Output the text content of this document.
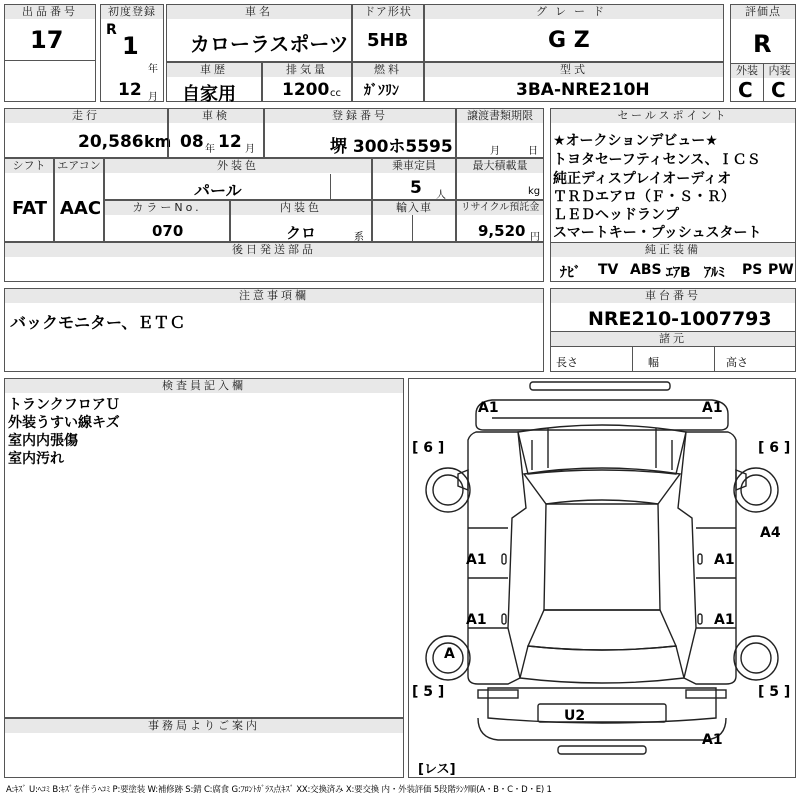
出品番号
17
初度登録
R
1
年
12 月
車名
カローラスポーツ
ドア形状
5HB
グレード
G Z
評価点
R
外装 内装
C C
車歴
自家用
排気量
1200 cc
燃料
ｶﾞｿﾘﾝ
型式
3BA-NRE210H
走行
20,586 km
車検
08 年 12 月
登録番号
堺 300ホ5595
譲渡書類期限
月	日
シフト
FAT
エアコン
AAC
外装色
パール
乗車定員
5 人
最大積載量
kg
カラーNo.
070
内装色
クロ	系
輸入車	リサイクル預託金
9,520 円
後日発送部品
セールスポイント
★オークションデビュー★
トヨタセーフティセンス、ＩＣＳ
純正ディスプレイオーディオ
ＴＲＤエアロ（Ｆ・Ｓ・Ｒ）
ＬＥＤヘッドランプ
スマートキー・プッシュスタート
純正装備
ﾅﾋﾞ TV ABS ｴｱB ｱﾙﾐ PS PW
注意事項欄
バックモニター、ＥＴＣ
車台番号
NRE210-1007793
諸元
長さ	幅	高さ
検査員記入欄
トランクフロアＵ
外装うすい線キズ
室内内張傷
室内汚れ
事務局よりご案内
A1	A1
[ 6 ]	[ 6 ]
A4
A1	A1
A1	A1
A
[ 5 ]	[ 5 ]
U2
A1
[レス]
A:ｷｽﾞ U:ﾍｺﾐ B:ｷｽﾞを伴うﾍｺﾐ P:要塗装 W:補修跡 S:錆 C:腐食 G:ﾌﾛﾝﾄｶﾞﾗｽ点ｷｽﾞ XX:交換済み X:要交換 内・外装評価 5段階ﾗﾝｸ順(A・B・C・D・E) 1
